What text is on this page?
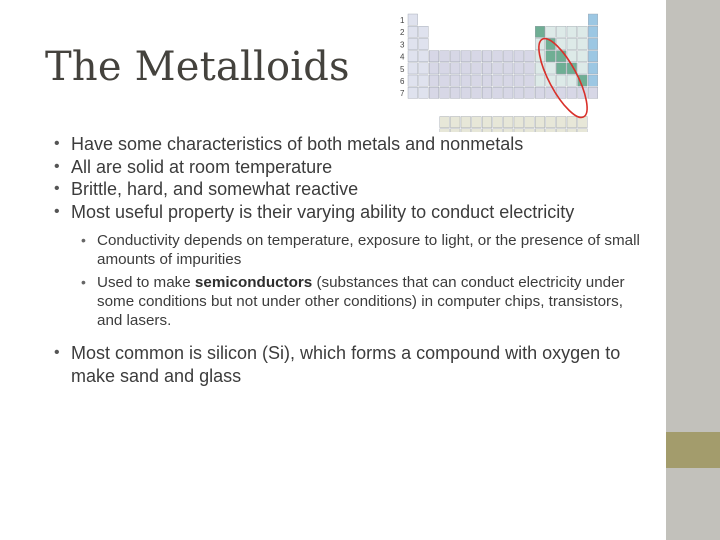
The Metalloids
1
2
3
4
5
6
7
• Have some characteristics of both metals and nonmetals
• All are solid at room temperature
• Brittle, hard, and somewhat reactive
• Most useful property is their varying ability to conduct electricity
• Conductivity depends on temperature, exposure to light, or the presence of small amounts of impurities
• Used to make semiconductors (substances that can conduct electricity under some conditions but not under other conditions) in computer chips, transistors, and lasers.
• Most common is silicon (Si), which forms a compound with oxygen to make sand and glass
